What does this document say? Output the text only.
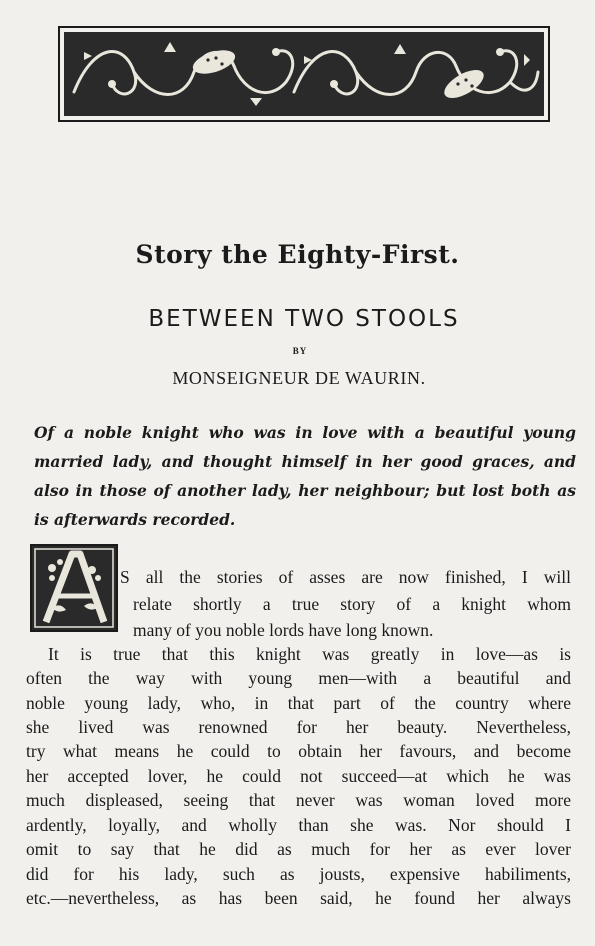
Story the Eighty-First.
BETWEEN TWO STOOLS
BY
MONSEIGNEUR DE WAURIN.
Of a noble knight who was in love with a beautiful young married lady, and thought himself in her good graces, and also in those of another lady, her neighbour; but lost both as is afterwards recorded.
A
S all the stories of asses are now finished, I will
relate shortly a true story of a knight whom
many of you noble lords have long known.
It is true that this knight was greatly in love—as is
often the way with young men—with a beautiful and
noble young lady, who, in that part of the country where
she lived was renowned for her beauty. Nevertheless,
try what means he could to obtain her favours, and become
her accepted lover, he could not succeed—at which he was
much displeased, seeing that never was woman loved more
ardently, loyally, and wholly than she was. Nor should I
omit to say that he did as much for her as ever lover
did for his lady, such as jousts, expensive habiliments,
etc.—nevertheless, as has been said, he found her always
